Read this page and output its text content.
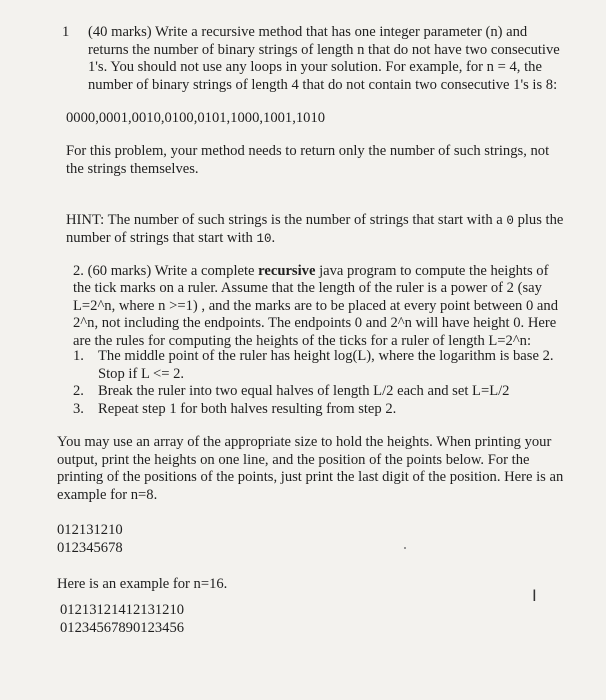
1 (40 marks) Write a recursive method that has one integer parameter (n) and returns the number of binary strings of length n that do not have two consecutive 1's. You should not use any loops in your solution. For example, for n = 4, the number of binary strings of length 4 that do not contain two consecutive 1's is 8:
0000,0001,0010,0100,0101,1000,1001,1010
For this problem, your method needs to return only the number of such strings, not the strings themselves.

HINT: The number of such strings is the number of strings that start with a 0 plus the number of strings that start with 10.

2. (60 marks) Write a complete recursive java program to compute the heights of the tick marks on a ruler. Assume that the length of the ruler is a power of 2 (say L=2^n, where n >=1) , and the marks are to be placed at every point between 0 and 2^n, not including the endpoints. The endpoints 0 and 2^n will have height 0. Here are the rules for computing the heights of the ticks for a ruler of length L=2^n:

1. The middle point of the ruler has height log(L), where the logarithm is base 2. Stop if L <= 2.
2. Break the ruler into two equal halves of length L/2 each and set L=L/2
3. Repeat step 1 for both halves resulting from step 2.
You may use an array of the appropriate size to hold the heights. When printing your output, print the heights on one line, and the position of the points below. For the printing of the positions of the points, just print the last digit of the position. Here is an example for n=8.
012131210
012345678
Here is an example for n=16.
01213121412131210
01234567890123456
I
